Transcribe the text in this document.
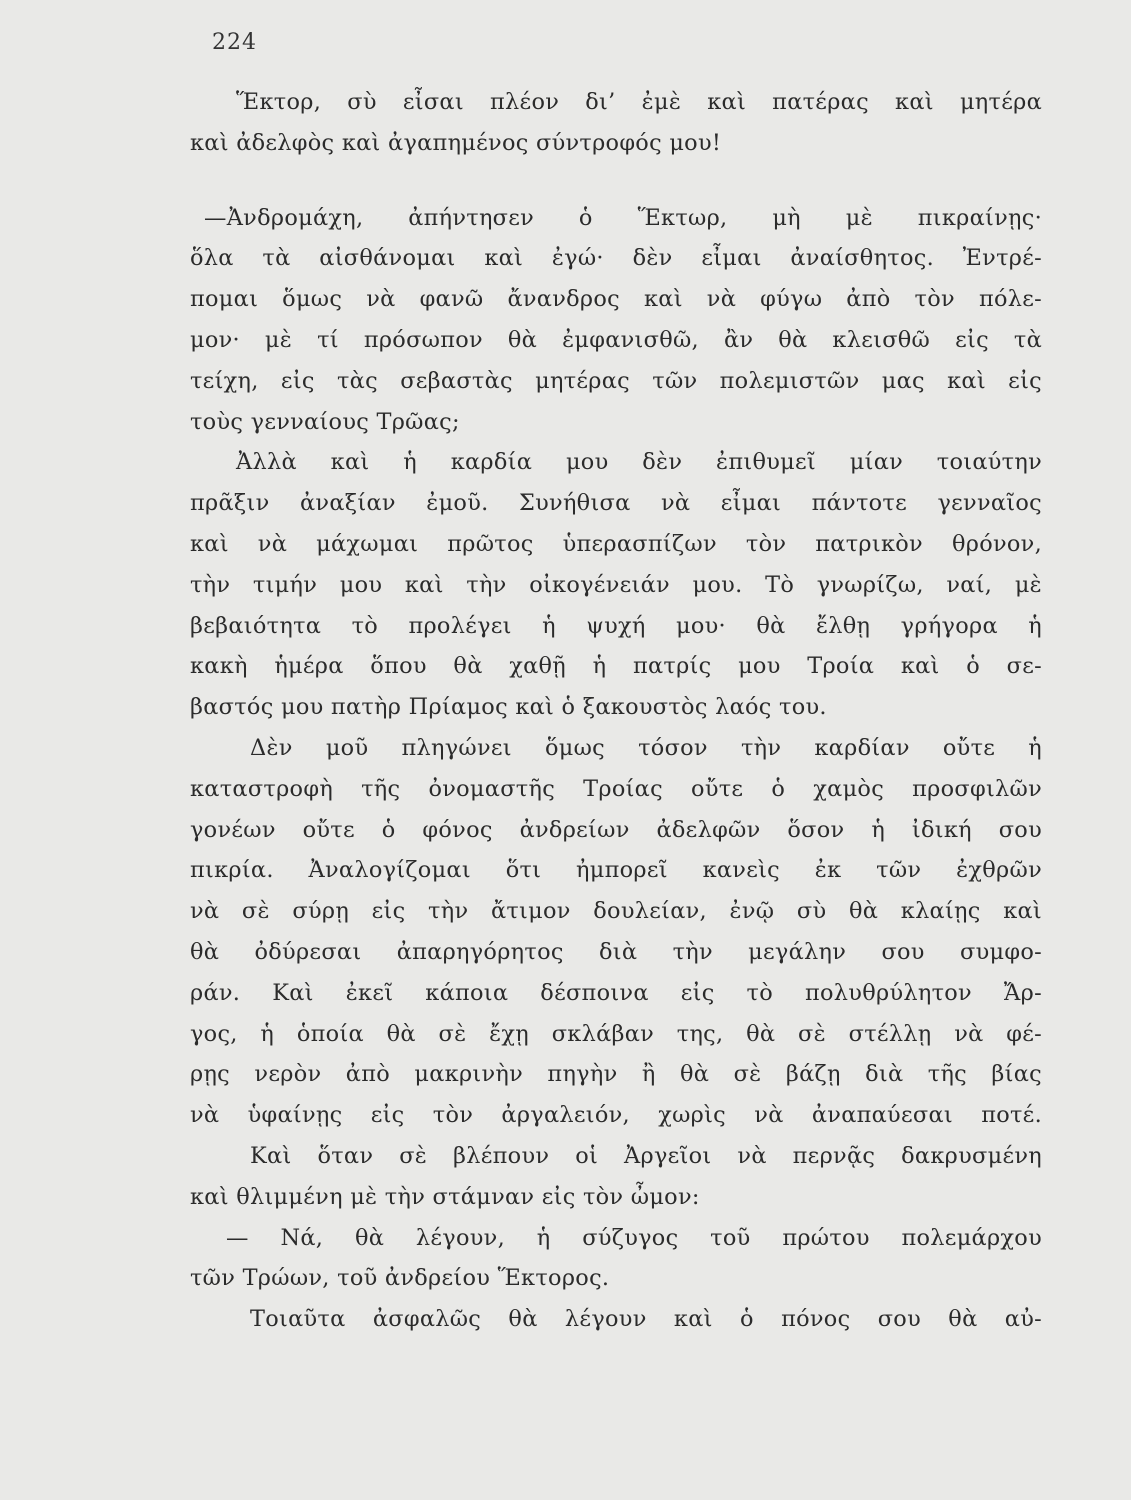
224
Ἕκτορ, σὺ εἶσαι πλέον δι’ ἐμὲ καὶ πατέρας καὶ μητέρα
καὶ ἀδελφὸς καὶ ἀγαπημένος σύντροφός μου!
—Ἀνδρομάχη, ἀπήντησεν ὁ Ἕκτωρ, μὴ μὲ πικραίνῃς·
ὅλα τὰ αἰσθάνομαι καὶ ἐγώ· δὲν εἶμαι ἀναίσθητος. Ἐντρέ-
πομαι ὅμως νὰ φανῶ ἄνανδρος καὶ νὰ φύγω ἀπὸ τὸν πόλε-
μον· μὲ τί πρόσωπον θὰ ἐμφανισθῶ, ἂν θὰ κλεισθῶ εἰς τὰ
τείχη, εἰς τὰς σεβαστὰς μητέρας τῶν πολεμιστῶν μας καὶ εἰς
τοὺς γενναίους Τρῶας;
Ἀλλὰ καὶ ἡ καρδία μου δὲν ἐπιθυμεῖ μίαν τοιαύτην
πρᾶξιν ἀναξίαν ἐμοῦ. Συνήθισα νὰ εἶμαι πάντοτε γενναῖος
καὶ νὰ μάχωμαι πρῶτος ὑπερασπίζων τὸν πατρικὸν θρόνον,
τὴν τιμήν μου καὶ τὴν οἰκογένειάν μου. Τὸ γνωρίζω, ναί, μὲ
βεβαιότητα τὸ προλέγει ἡ ψυχή μου· θὰ ἔλθῃ γρήγορα ἡ
κακὴ ἡμέρα ὅπου θὰ χαθῇ ἡ πατρίς μου Τροία καὶ ὁ σε-
βαστός μου πατὴρ Πρίαμος καὶ ὁ ξακουστὸς λαός του.
Δὲν μοῦ πληγώνει ὅμως τόσον τὴν καρδίαν οὔτε ἡ
καταστροφὴ τῆς ὀνομαστῆς Τροίας οὔτε ὁ χαμὸς προσφιλῶν
γονέων οὔτε ὁ φόνος ἀνδρείων ἀδελφῶν ὅσον ἡ ἰδική σου
πικρία. Ἀναλογίζομαι ὅτι ἠμπορεῖ κανεὶς ἐκ τῶν ἐχθρῶν
νὰ σὲ σύρῃ εἰς τὴν ἄτιμον δουλείαν, ἐνῷ σὺ θὰ κλαίῃς καὶ
θὰ ὀδύρεσαι ἀπαρηγόρητος διὰ τὴν μεγάλην σου συμφο-
ράν. Καὶ ἐκεῖ κάποια δέσποινα εἰς τὸ πολυθρύλητον Ἄρ-
γος, ἡ ὁποία θὰ σὲ ἔχῃ σκλάβαν της, θὰ σὲ στέλλῃ νὰ φέ-
ρῃς νερὸν ἀπὸ μακρινὴν πηγὴν ἢ θὰ σὲ βάζῃ διὰ τῆς βίας
νὰ ὑφαίνῃς εἰς τὸν ἀργαλειόν, χωρὶς νὰ ἀναπαύεσαι ποτέ.
Καὶ ὅταν σὲ βλέπουν οἱ Ἀργεῖοι νὰ περνᾷς δακρυσμένη
καὶ θλιμμένη μὲ τὴν στάμναν εἰς τὸν ὦμον:
— Νά, θὰ λέγουν, ἡ σύζυγος τοῦ πρώτου πολεμάρχου
τῶν Τρώων, τοῦ ἀνδρείου Ἕκτορος.
Τοιαῦτα ἀσφαλῶς θὰ λέγουν καὶ ὁ πόνος σου θὰ αὐ-
